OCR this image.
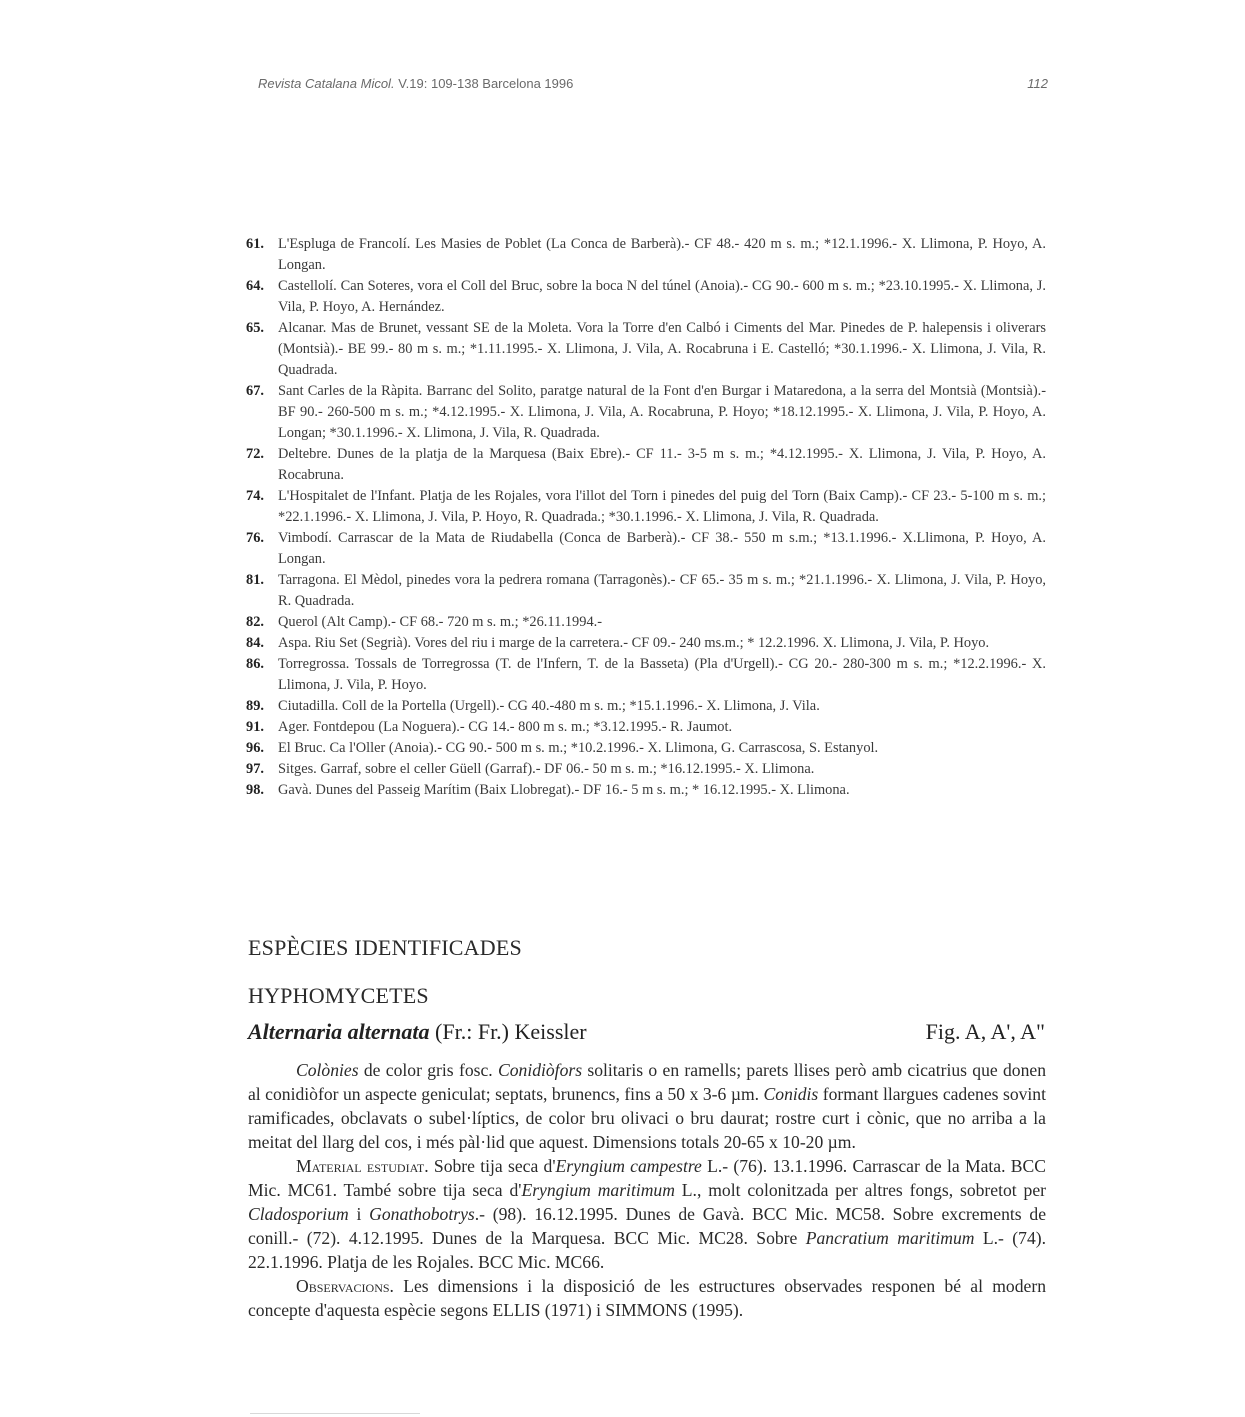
Revista Catalana Micol. V.19: 109-138 Barcelona 1996	112
61. L'Espluga de Francolí. Les Masies de Poblet (La Conca de Barberà).- CF 48.- 420 m s. m.; *12.1.1996.- X. Llimona, P. Hoyo, A. Longan.
64. Castellolí. Can Soteres, vora el Coll del Bruc, sobre la boca N del túnel (Anoia).- CG 90.- 600 m s. m.; *23.10.1995.- X. Llimona, J. Vila, P. Hoyo, A. Hernández.
65. Alcanar. Mas de Brunet, vessant SE de la Moleta. Vora la Torre d'en Calbó i Ciments del Mar. Pinedes de P. halepensis i oliverars (Montsià).- BE 99.- 80 m s. m.; *1.11.1995.- X. Llimona, J. Vila, A. Rocabruna i E. Castelló; *30.1.1996.- X. Llimona, J. Vila, R. Quadrada.
67. Sant Carles de la Ràpita. Barranc del Solito, paratge natural de la Font d'en Burgar i Mataredona, a la serra del Montsià (Montsià).- BF 90.- 260-500 m s. m.; *4.12.1995.- X. Llimona, J. Vila, A. Rocabruna, P. Hoyo; *18.12.1995.- X. Llimona, J. Vila, P. Hoyo, A. Longan; *30.1.1996.- X. Llimona, J. Vila, R. Quadrada.
72. Deltebre. Dunes de la platja de la Marquesa (Baix Ebre).- CF 11.- 3-5 m s. m.; *4.12.1995.- X. Llimona, J. Vila, P. Hoyo, A. Rocabruna.
74. L'Hospitalet de l'Infant. Platja de les Rojales, vora l'illot del Torn i pinedes del puig del Torn (Baix Camp).- CF 23.- 5-100 m s. m.; *22.1.1996.- X. Llimona, J. Vila, P. Hoyo, R. Quadrada.; *30.1.1996.- X. Llimona, J. Vila, R. Quadrada.
76. Vimbodí. Carrascar de la Mata de Riudabella (Conca de Barberà).- CF 38.- 550 m s.m.; *13.1.1996.- X.Llimona, P. Hoyo, A. Longan.
81. Tarragona. El Mèdol, pinedes vora la pedrera romana (Tarragonès).- CF 65.- 35 m s. m.; *21.1.1996.- X. Llimona, J. Vila, P. Hoyo, R. Quadrada.
82. Querol (Alt Camp).- CF 68.- 720 m s. m.; *26.11.1994.-
84. Aspa. Riu Set (Segrià). Vores del riu i marge de la carretera.- CF 09.- 240 ms.m.; * 12.2.1996. X. Llimona, J. Vila, P. Hoyo.
86. Torregrossa. Tossals de Torregrossa (T. de l'Infern, T. de la Basseta) (Pla d'Urgell).- CG 20.- 280-300 m s. m.; *12.2.1996.- X. Llimona, J. Vila, P. Hoyo.
89. Ciutadilla. Coll de la Portella (Urgell).- CG 40.-480 m s. m.; *15.1.1996.- X. Llimona, J. Vila.
91. Ager. Fontdepou (La Noguera).- CG 14.- 800 m s. m.; *3.12.1995.- R. Jaumot.
96. El Bruc. Ca l'Oller (Anoia).- CG 90.- 500 m s. m.; *10.2.1996.- X. Llimona, G. Carrascosa, S. Estanyol.
97. Sitges. Garraf, sobre el celler Güell (Garraf).- DF 06.- 50 m s. m.; *16.12.1995.- X. Llimona.
98. Gavà. Dunes del Passeig Marítim (Baix Llobregat).- DF 16.- 5 m s. m.; * 16.12.1995.- X. Llimona.
ESPÈCIES IDENTIFICADES
HYPHOMYCETES
Alternaria alternata (Fr.: Fr.) Keissler	Fig. A, A', A"

Colònies de color gris fosc. Conidiòfors solitaris o en ramells; parets llises però amb cicatrius que donen al conidiòfor un aspecte geniculat; septats, brunencs, fins a 50 x 3-6 µm. Conidis formant llargues cadenes sovint ramificades, obclavats o subel·líptics, de color bru olivaci o bru daurat; rostre curt i cònic, que no arriba a la meitat del llarg del cos, i més pàl·lid que aquest. Dimensions totals 20-65 x 10-20 µm.

Material estudiat. Sobre tija seca d'Eryngium campestre L.- (76). 13.1.1996. Carrascar de la Mata. BCC Mic. MC61. També sobre tija seca d'Eryngium maritimum L., molt colonitzada per altres fongs, sobretot per Cladosporium i Gonathobotrys.- (98). 16.12.1995. Dunes de Gavà. BCC Mic. MC58. Sobre excrements de conill.- (72). 4.12.1995. Dunes de la Marquesa. BCC Mic. MC28. Sobre Pancratium maritimum L.- (74). 22.1.1996. Platja de les Rojales. BCC Mic. MC66.

Observacions. Les dimensions i la disposició de les estructures observades responen bé al modern concepte d'aquesta espècie segons ELLIS (1971) i SIMMONS (1995).
